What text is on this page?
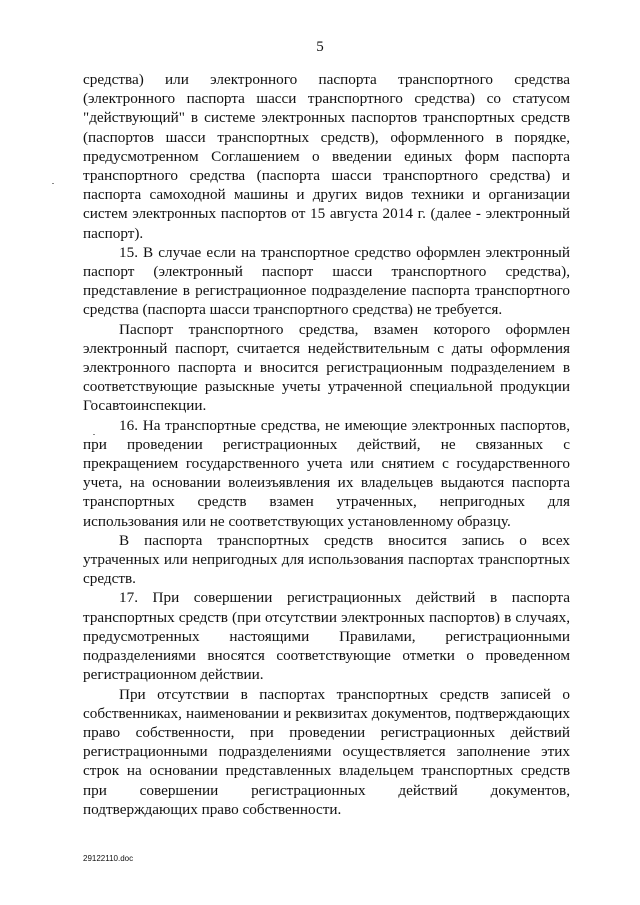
5

средства) или электронного паспорта транспортного средства (электронного паспорта шасси транспортного средства) со статусом "действующий" в системе электронных паспортов транспортных средств (паспортов шасси транспортных средств), оформленного в порядке, предусмотренном Соглашением о введении единых форм паспорта транспортного средства (паспорта шасси транспортного средства) и паспорта самоходной машины и других видов техники и организации систем электронных паспортов от 15 августа 2014 г. (далее - электронный паспорт).

15. В случае если на транспортное средство оформлен электронный паспорт (электронный паспорт шасси транспортного средства), представление в регистрационное подразделение паспорта транспортного средства (паспорта шасси транспортного средства) не требуется.

Паспорт транспортного средства, взамен которого оформлен электронный паспорт, считается недействительным с даты оформления электронного паспорта и вносится регистрационным подразделением в соответствующие разыскные учеты утраченной специальной продукции Госавтоинспекции.

16. На транспортные средства, не имеющие электронных паспортов, при проведении регистрационных действий, не связанных с прекращением государственного учета или снятием с государственного учета, на основании волеизъявления их владельцев выдаются паспорта транспортных средств взамен утраченных, непригодных для использования или не соответствующих установленному образцу.

В паспорта транспортных средств вносится запись о всех утраченных или непригодных для использования паспортах транспортных средств.

17. При совершении регистрационных действий в паспорта транспортных средств (при отсутствии электронных паспортов) в случаях, предусмотренных настоящими Правилами, регистрационными подразделениями вносятся соответствующие отметки о проведенном регистрационном действии.

При отсутствии в паспортах транспортных средств записей о собственниках, наименовании и реквизитах документов, подтверждающих право собственности, при проведении регистрационных действий регистрационными подразделениями осуществляется заполнение этих строк на основании представленных владельцем транспортных средств при совершении регистрационных действий документов, подтверждающих право собственности.

29122110.doc
